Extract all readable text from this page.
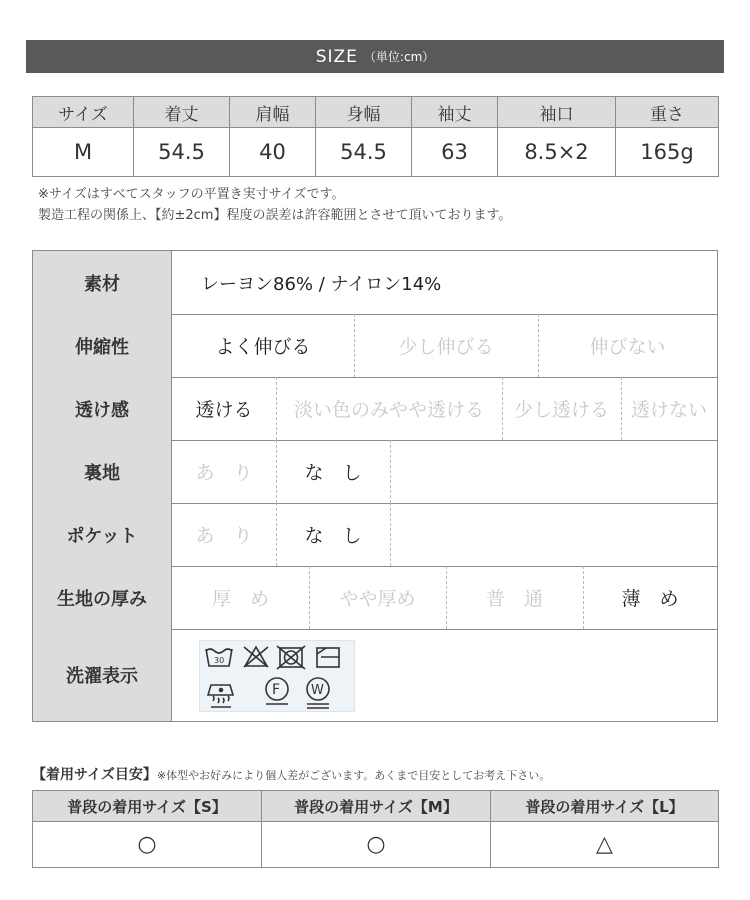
SIZE （単位:cm）
サイズ	着丈	肩幅	身幅	袖丈	袖口	重さ
M	54.5	40	54.5	63	8.5×2	165g
※サイズはすべてスタッフの平置き実寸サイズです。
製造工程の関係上、【約±2cm】程度の誤差は許容範囲とさせて頂いております。
素材	レーヨン86% / ナイロン14%
伸縮性	よく伸びる	少し伸びる	伸びない
透け感	透ける	淡い色のみやや透ける	少し透ける	透けない
裏地	あ　り	な　し
ポケット	あ　り	な　し
生地の厚み	厚　め	やや厚め	普　通	薄　め
洗濯表示
30
F W
【着用サイズ目安】※体型やお好みにより個人差がございます。あくまで目安としてお考え下さい。
普段の着用サイズ【S】	普段の着用サイズ【M】	普段の着用サイズ【L】
○	○	△
